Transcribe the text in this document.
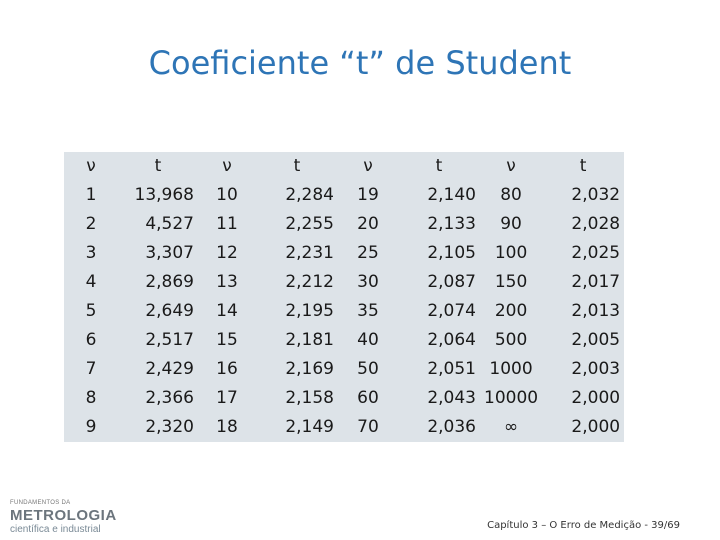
Coeficiente “t” de Student
ν	t	ν	t	ν	t	ν	t
1	13,968	10	2,284	19	2,140	80	2,032
2	4,527	11	2,255	20	2,133	90	2,028
3	3,307	12	2,231	25	2,105	100	2,025
4	2,869	13	2,212	30	2,087	150	2,017
5	2,649	14	2,195	35	2,074	200	2,013
6	2,517	15	2,181	40	2,064	500	2,005
7	2,429	16	2,169	50	2,051	1000	2,003
8	2,366	17	2,158	60	2,043	10000	2,000
9	2,320	18	2,149	70	2,036	∞	2,000
FUNDAMENTOS DA
METROLOGIA
científica e industrial	Capítulo 3 – O Erro de Medição - 39/69
